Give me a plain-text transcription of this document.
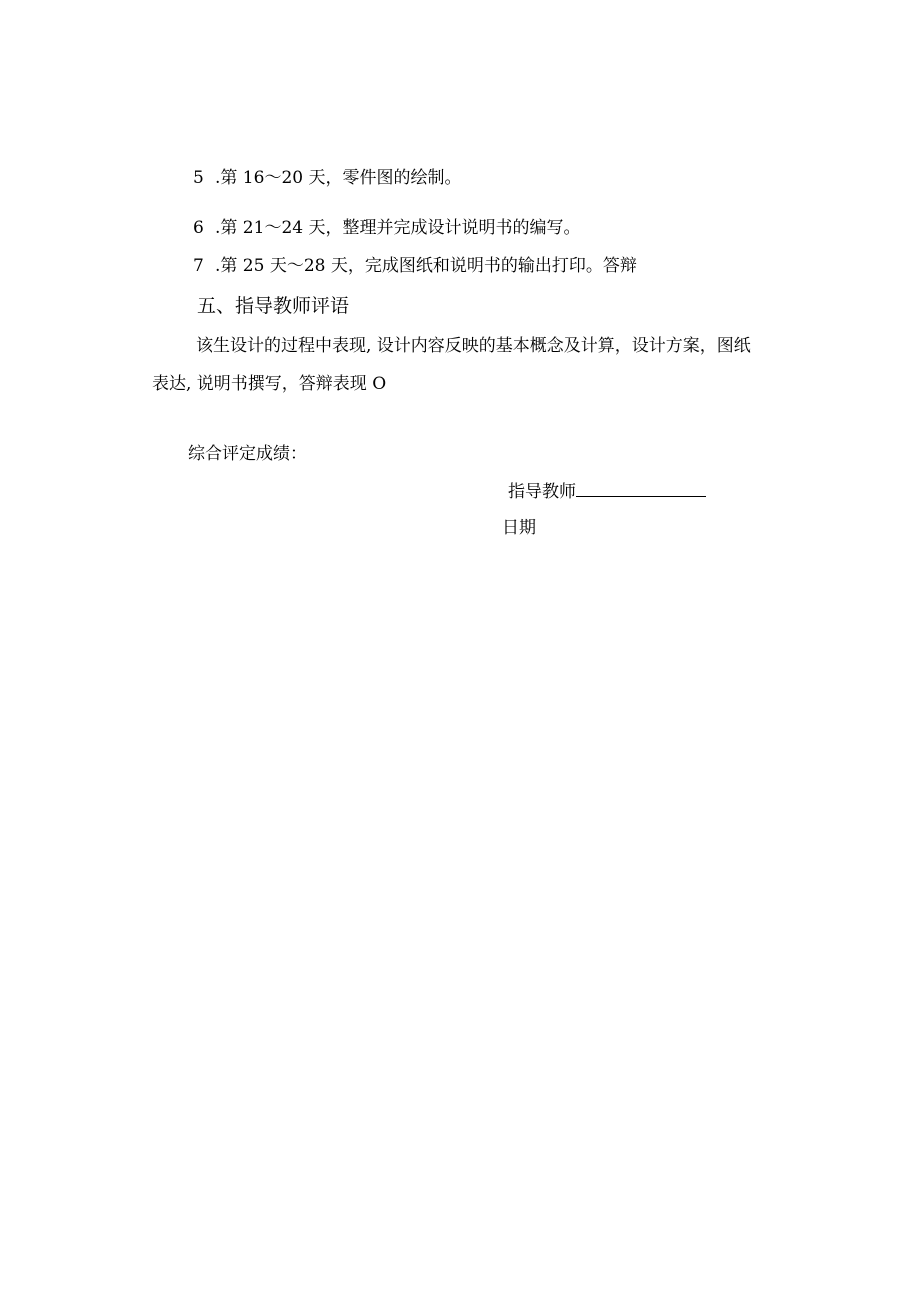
5 .第 16～20 天，零件图的绘制。
6 .第 21～24 天，整理并完成设计说明书的编写。
7 .第 25 天～28 天，完成图纸和说明书的输出打印。答辩
五、指导教师评语
该生设计的过程中表现, 设计内容反映的基本概念及计算，设计方案，图纸
表达, 说明书撰写，答辩表现 O
综合评定成绩：
指导教师
日期
